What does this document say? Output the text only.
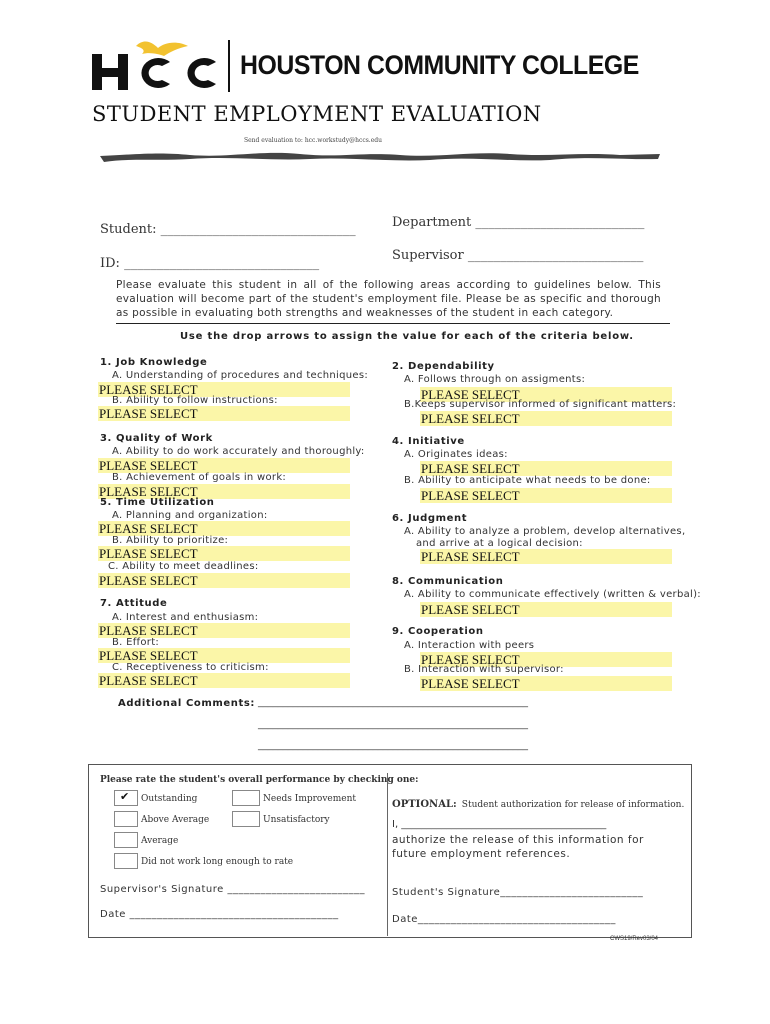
HOUSTON COMMUNITY COLLEGE
STUDENT EMPLOYMENT EVALUATION
Send evaluation to: hcc.workstudy@hccs.edu
Student: ______________________________
ID: ______________________________
Department __________________________
Supervisor ___________________________
Please evaluate this student in all of the following areas according to guidelines below. This evaluation will become part of the student's employment file. Please be as specific and thorough as possible in evaluating both strengths and weaknesses of the student in each category.
Use the drop arrows to assign the value for each of the criteria below.
1. Job Knowledge
A. Understanding of procedures and techniques:
PLEASE SELECT
B. Ability to follow instructions:
PLEASE SELECT
3. Quality of Work
A. Ability to do work accurately and thoroughly:
PLEASE SELECT
B. Achievement of goals in work:
PLEASE SELECT
5. Time Utilization
A. Planning and organization:
PLEASE SELECT
B. Ability to prioritize:
PLEASE SELECT
C. Ability to meet deadlines:
PLEASE SELECT
7. Attitude
A. Interest and enthusiasm:
PLEASE SELECT
B. Effort:
PLEASE SELECT
C. Receptiveness to criticism:
PLEASE SELECT
2. Dependability
A. Follows through on assigments:
PLEASE SELECT
B.Keeps supervisor informed of significant matters:
PLEASE SELECT
4. Initiative
A. Originates ideas:
PLEASE SELECT
B. Ability to anticipate what needs to be done:
PLEASE SELECT
6. Judgment
A. Ability to analyze a problem, develop alternatives,
and arrive at a logical decision:
PLEASE SELECT
8. Communication
A. Ability to communicate effectively (written & verbal):
PLEASE SELECT
9. Cooperation
A. Interaction with peers
PLEASE SELECT
B. Interaction with supervisor:
PLEASE SELECT
Additional Comments: ______________________________________________________
______________________________________________________
______________________________________________________
Please rate the student's overall performance by checking one:
✔ Outstanding	Needs Improvement
Above Average	Unsatisfactory
Average
Did not work long enough to rate
Supervisor's Signature _________________________
Date ______________________________________
OPTIONAL: Student authorization for release of information.
I, _________________________________________
authorize the release of this information for
future employment references.
Student's Signature__________________________
Date____________________________________
CWS19/Rev03/04
